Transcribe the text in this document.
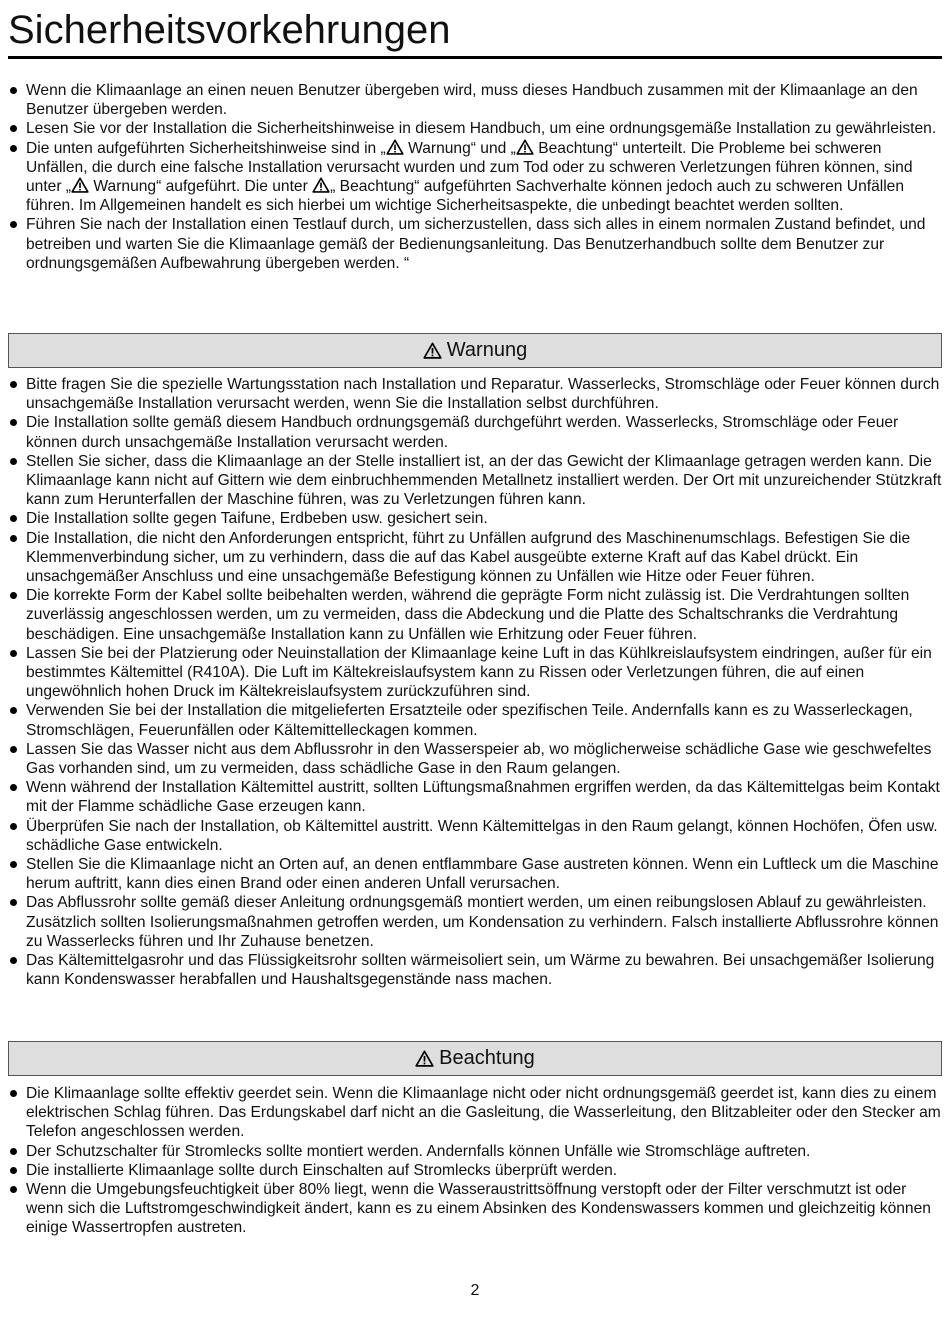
Sicherheitsvorkehrungen
Wenn die Klimaanlage an einen neuen Benutzer übergeben wird, muss dieses Handbuch zusammen mit der Klimaanlage an den Benutzer übergeben werden.
Lesen Sie vor der Installation die Sicherheitshinweise in diesem Handbuch, um eine ordnungsgemäße Installation zu gewährleisten.
Die unten aufgeführten Sicherheitshinweise sind in „ Warnung“ und „ Beachtung“ unterteilt. Die Probleme bei schweren Unfällen, die durch eine falsche Installation verursacht wurden und zum Tod oder zu schweren Verletzungen führen können, sind unter „ Warnung“ aufgeführt. Die unter „ Beachtung“ aufgeführten Sachverhalte können jedoch auch zu schweren Unfällen führen. Im Allgemeinen handelt es sich hierbei um wichtige Sicherheitsaspekte, die unbedingt beachtet werden sollten.
Führen Sie nach der Installation einen Testlauf durch, um sicherzustellen, dass sich alles in einem normalen Zustand befindet, und betreiben und warten Sie die Klimaanlage gemäß der Bedienungsanleitung. Das Benutzerhandbuch sollte dem Benutzer zur ordnungsgemäßen Aufbewahrung übergeben werden. “
Warnung
Bitte fragen Sie die spezielle Wartungsstation nach Installation und Reparatur. Wasserlecks, Stromschläge oder Feuer können durch unsachgemäße Installation verursacht werden, wenn Sie die Installation selbst durchführen.
Die Installation sollte gemäß diesem Handbuch ordnungsgemäß durchgeführt werden. Wasserlecks, Stromschläge oder Feuer können durch unsachgemäße Installation verursacht werden.
Stellen Sie sicher, dass die Klimaanlage an der Stelle installiert ist, an der das Gewicht der Klimaanlage getragen werden kann. Die Klimaanlage kann nicht auf Gittern wie dem einbruchhemmenden Metallnetz installiert werden. Der Ort mit unzureichender Stützkraft kann zum Herunterfallen der Maschine führen, was zu Verletzungen führen kann.
Die Installation sollte gegen Taifune, Erdbeben usw. gesichert sein.
Die Installation, die nicht den Anforderungen entspricht, führt zu Unfällen aufgrund des Maschinenumschlags. Befestigen Sie die Klemmenverbindung sicher, um zu verhindern, dass die auf das Kabel ausgeübte externe Kraft auf das Kabel drückt. Ein unsachgemäßer Anschluss und eine unsachgemäße Befestigung können zu Unfällen wie Hitze oder Feuer führen.
Die korrekte Form der Kabel sollte beibehalten werden, während die geprägte Form nicht zulässig ist. Die Verdrahtungen sollten zuverlässig angeschlossen werden, um zu vermeiden, dass die Abdeckung und die Platte des Schaltschranks die Verdrahtung beschädigen. Eine unsachgemäße Installation kann zu Unfällen wie Erhitzung oder Feuer führen.
Lassen Sie bei der Platzierung oder Neuinstallation der Klimaanlage keine Luft in das Kühlkreislaufsystem eindringen, außer für ein bestimmtes Kältemittel (R410A). Die Luft im Kältekreislaufsystem kann zu Rissen oder Verletzungen führen, die auf einen ungewöhnlich hohen Druck im Kältekreislaufsystem zurückzuführen sind.
Verwenden Sie bei der Installation die mitgelieferten Ersatzteile oder spezifischen Teile. Andernfalls kann es zu Wasserleckagen, Stromschlägen, Feuerunfällen oder Kältemittelleckagen kommen.
Lassen Sie das Wasser nicht aus dem Abflussrohr in den Wasserspeier ab, wo möglicherweise schädliche Gase wie geschwefeltes Gas vorhanden sind, um zu vermeiden, dass schädliche Gase in den Raum gelangen.
Wenn während der Installation Kältemittel austritt, sollten Lüftungsmaßnahmen ergriffen werden, da das Kältemittelgas beim Kontakt mit der Flamme schädliche Gase erzeugen kann.
Überprüfen Sie nach der Installation, ob Kältemittel austritt. Wenn Kältemittelgas in den Raum gelangt, können Hochöfen, Öfen usw. schädliche Gase entwickeln.
Stellen Sie die Klimaanlage nicht an Orten auf, an denen entflammbare Gase austreten können. Wenn ein Luftleck um die Maschine herum auftritt, kann dies einen Brand oder einen anderen Unfall verursachen.
Das Abflussrohr sollte gemäß dieser Anleitung ordnungsgemäß montiert werden, um einen reibungslosen Ablauf zu gewährleisten. Zusätzlich sollten Isolierungsmaßnahmen getroffen werden, um Kondensation zu verhindern. Falsch installierte Abflussrohre können zu Wasserlecks führen und Ihr Zuhause benetzen.
Das Kältemittelgasrohr und das Flüssigkeitsrohr sollten wärmeisoliert sein, um Wärme zu bewahren. Bei unsachgemäßer Isolierung kann Kondenswasser herabfallen und Haushaltsgegenstände nass machen.
Beachtung
Die Klimaanlage sollte effektiv geerdet sein. Wenn die Klimaanlage nicht oder nicht ordnungsgemäß geerdet ist, kann dies zu einem elektrischen Schlag führen. Das Erdungskabel darf nicht an die Gasleitung, die Wasserleitung, den Blitzableiter oder den Stecker am Telefon angeschlossen werden.
Der Schutzschalter für Stromlecks sollte montiert werden. Andernfalls können Unfälle wie Stromschläge auftreten.
Die installierte Klimaanlage sollte durch Einschalten auf Stromlecks überprüft werden.
Wenn die Umgebungsfeuchtigkeit über 80% liegt, wenn die Wasseraustrittsöffnung verstopft oder der Filter verschmutzt ist oder wenn sich die Luftstromgeschwindigkeit ändert, kann es zu einem Absinken des Kondenswassers kommen und gleichzeitig können einige Wassertropfen austreten.
2
